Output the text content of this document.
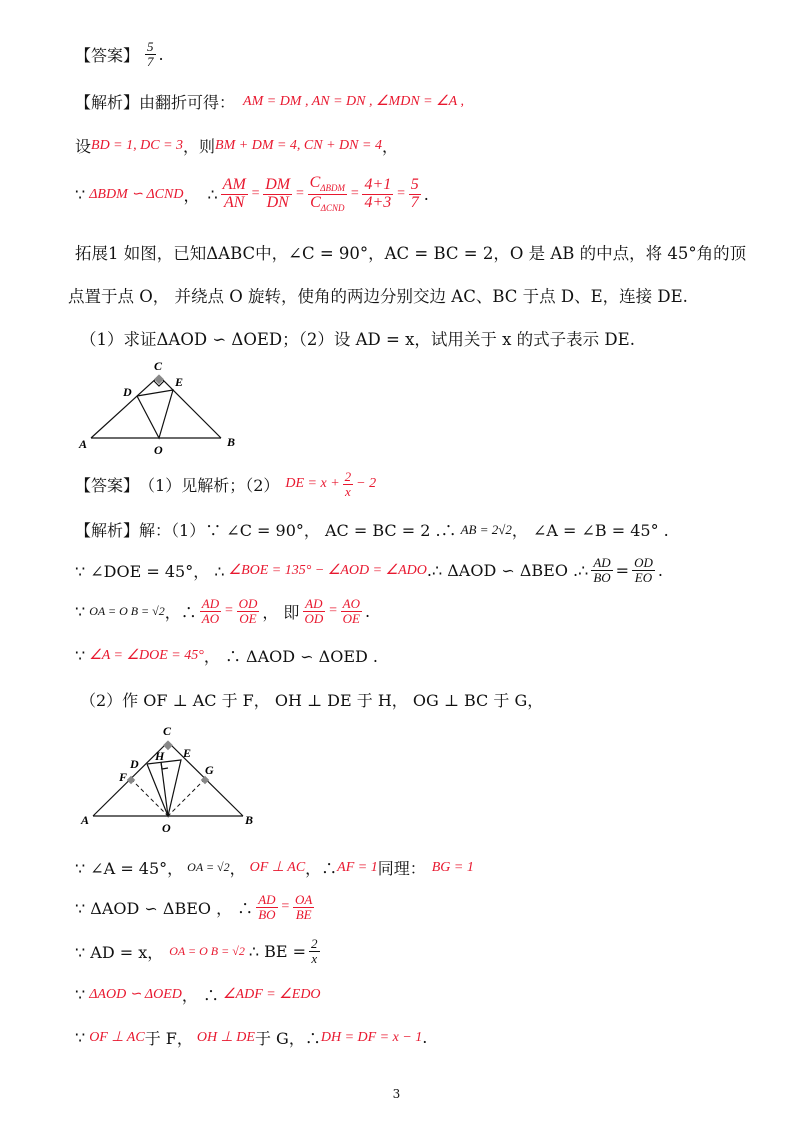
【答案】 $\frac{5}{7}$ .
【解析】 由翻折可得： AM = DM , AN = DN , ∠MDN = ∠A ,
设 BD = 1, DC = 3 ，则 BM + DM = 4, CN + DN = 4 ，
∵ ΔBDM ∽ ΔCND ， ∴ $\frac{AM}{AN} = \frac{DM}{DN} = \frac{C_{\Delta BDM}}{C_{\Delta CND}} = \frac{4+1}{4+3} = \frac{5}{7}$ .
拓展1 如图，已知ΔABC中，∠C = 90°，AC = BC = 2，O 是 AB 的中点，将 45°角的顶
点置于点 O， 并绕点 O 旋转，使角的两边分别交边 AC、BC 于点 D、E，连接 DE.
（1）求证ΔAOD ∽ ΔOED；（2）设 AD = x，试用关于 x 的式子表示 DE.
C
E
D
A	B
O
【答案】 （1）见解析；（2） DE = $x + \frac{2}{x} - 2$
【解析】 解：（1）∵ ∠C = 90°， AC = BC = 2 .∴ AB = 2√2 ， ∠A = ∠B = 45° .
∵ ∠DOE = 45°， ∴ ∠BOE = 135° − ∠AOD = ∠ADO .∴ ΔAOD ∽ ΔBEO .∴ $\frac{AD}{BO} = \frac{OD}{EO}$ .
∵ OA = O B = √2 ，∴ $\frac{AD}{AO} = \frac{OD}{OE}$ ， 即 $\frac{AD}{OD} = \frac{AO}{OE}$ .
∵ ∠A = ∠DOE = 45° ， ∴ ΔAOD ∽ ΔOED .
（2）作 OF ⊥ AC 于 F， OH ⊥ DE 于 H， OG ⊥ BC 于 G，
C
E
H
D
F	G
A	B
O
∵ ∠A = 45°， OA = √2 ， OF ⊥ AC ，∴ AF = 1 同理： BG = 1
∵ ΔAOD ∽ ΔBEO ， ∴ $\frac{AD}{BO} = \frac{OA}{BE}$
∵ AD = x， OA = O B = √2 ∴ BE = $\frac{2}{x}$
∵ ΔAOD ∽ ΔOED ， ∴ ∠ADF = ∠EDO
∵ OF ⊥ AC 于 F， OH ⊥ DE 于 G，∴ DH = DF = x − 1 .
3
